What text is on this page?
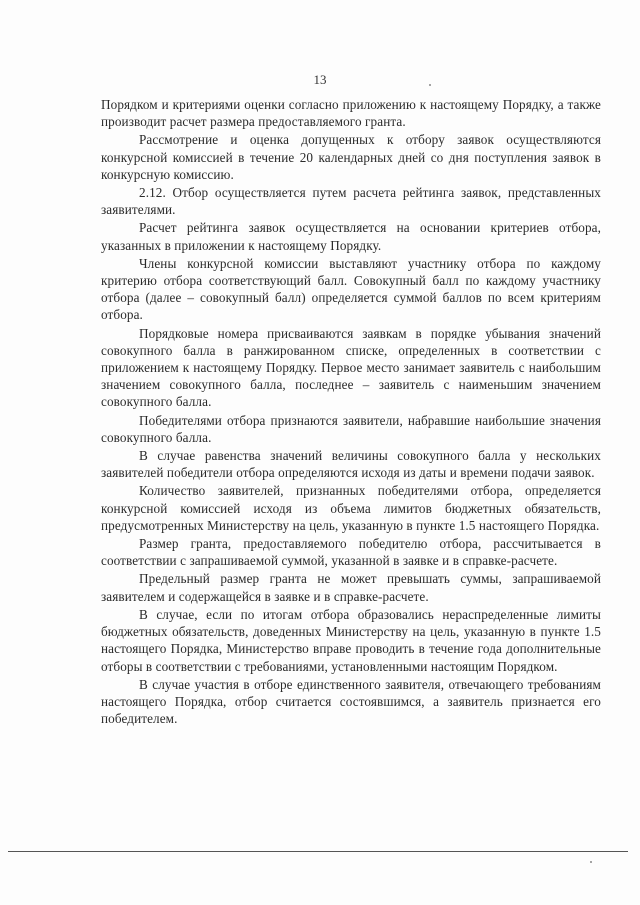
13

Порядком и критериями оценки согласно приложению к настоящему Порядку, а также производит расчет размера предоставляемого гранта.

Рассмотрение и оценка допущенных к отбору заявок осуществляются конкурсной комиссией в течение 20 календарных дней со дня поступления заявок в конкурсную комиссию.

2.12. Отбор осуществляется путем расчета рейтинга заявок, представленных заявителями.

Расчет рейтинга заявок осуществляется на основании критериев отбора, указанных в приложении к настоящему Порядку.

Члены конкурсной комиссии выставляют участнику отбора по каждому критерию отбора соответствующий балл. Совокупный балл по каждому участнику отбора (далее – совокупный балл) определяется суммой баллов по всем критериям отбора.

Порядковые номера присваиваются заявкам в порядке убывания значений совокупного балла в ранжированном списке, определенных в соответствии с приложением к настоящему Порядку. Первое место занимает заявитель с наибольшим значением совокупного балла, последнее – заявитель с наименьшим значением совокупного балла.

Победителями отбора признаются заявители, набравшие наибольшие значения совокупного балла.

В случае равенства значений величины совокупного балла у нескольких заявителей победители отбора определяются исходя из даты и времени подачи заявок.

Количество заявителей, признанных победителями отбора, определяется конкурсной комиссией исходя из объема лимитов бюджетных обязательств, предусмотренных Министерству на цель, указанную в пункте 1.5 настоящего Порядка.

Размер гранта, предоставляемого победителю отбора, рассчитывается в соответствии с запрашиваемой суммой, указанной в заявке и в справке-расчете.

Предельный размер гранта не может превышать суммы, запрашиваемой заявителем и содержащейся в заявке и в справке-расчете.

В случае, если по итогам отбора образовались нераспределенные лимиты бюджетных обязательств, доведенных Министерству на цель, указанную в пункте 1.5 настоящего Порядка, Министерство вправе проводить в течение года дополнительные отборы в соответствии с требованиями, установленными настоящим Порядком.

В случае участия в отборе единственного заявителя, отвечающего требованиям настоящего Порядка, отбор считается состоявшимся, а заявитель признается его победителем.
